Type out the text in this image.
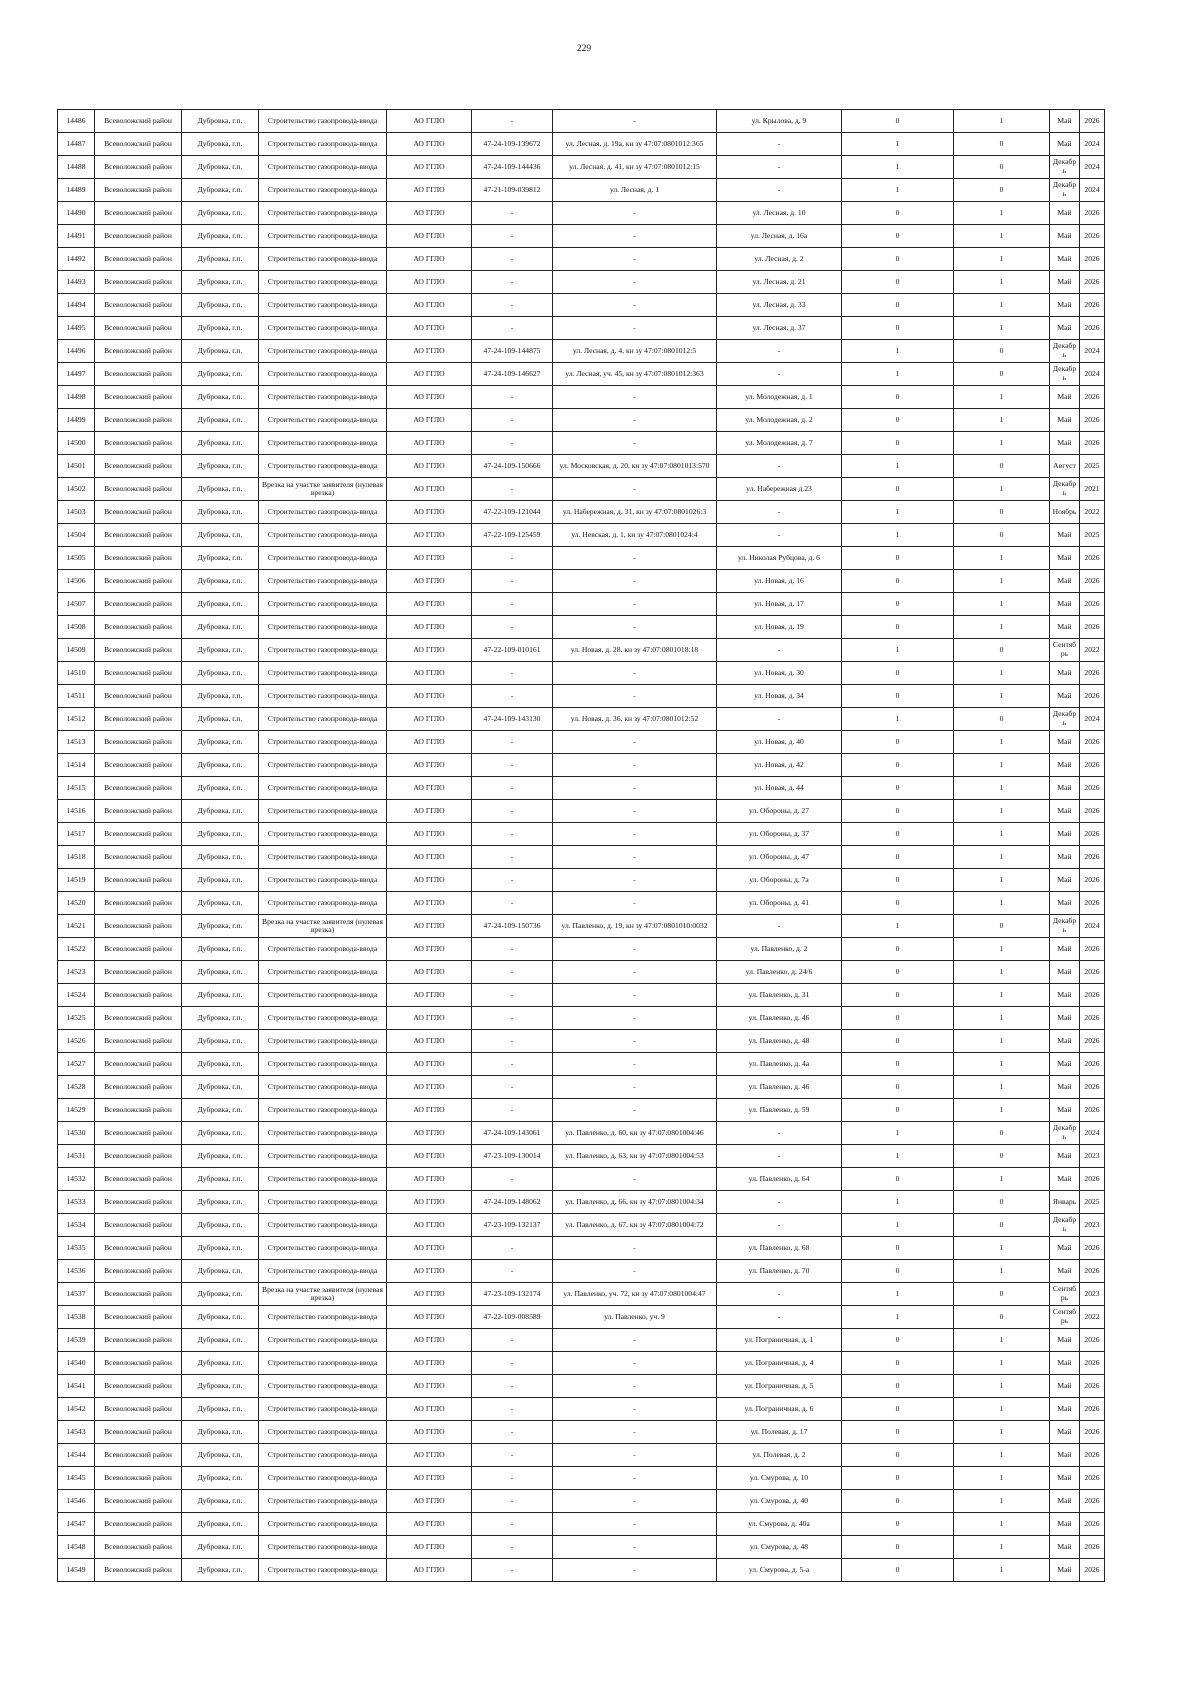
229
14486	Всеволожский район	Дубровка, г.п.	Строительство газопровода-ввода	АО ГГЛО	-	-	ул. Крылова, д. 9	0	1	Май	2026
14487	Всеволожский район	Дубровка, г.п.	Строительство газопровода-ввода	АО ГГЛО	47-24-109-139672	ул. Лесная, д. 19а, кн зу 47:07:0801012:365	-	1	0	Май	2024
14488	Всеволожский район	Дубровка, г.п.	Строительство газопровода-ввода	АО ГГЛО	47-24-109-144436	ул. Лесная, д. 41, кн зу 47:07:0801012:15	-	1	0	Декабрь	2024
14489	Всеволожский район	Дубровка, г.п.	Строительство газопровода-ввода	АО ГГЛО	47-21-109-039812	ул. Лесная, д. 1	-	1	0	Декабрь	2024
14490	Всеволожский район	Дубровка, г.п.	Строительство газопровода-ввода	АО ГГЛО	-	-	ул. Лесная, д. 10	0	1	Май	2026
14491	Всеволожский район	Дубровка, г.п.	Строительство газопровода-ввода	АО ГГЛО	-	-	ул. Лесная, д. 16а	0	1	Май	2026
14492	Всеволожский район	Дубровка, г.п.	Строительство газопровода-ввода	АО ГГЛО	-	-	ул. Лесная, д. 2	0	1	Май	2026
14493	Всеволожский район	Дубровка, г.п.	Строительство газопровода-ввода	АО ГГЛО	-	-	ул. Лесная, д. 21	0	1	Май	2026
14494	Всеволожский район	Дубровка, г.п.	Строительство газопровода-ввода	АО ГГЛО	-	-	ул. Лесная, д. 33	0	1	Май	2026
14495	Всеволожский район	Дубровка, г.п.	Строительство газопровода-ввода	АО ГГЛО	-	-	ул. Лесная, д. 37	0	1	Май	2026
14496	Всеволожский район	Дубровка, г.п.	Строительство газопровода-ввода	АО ГГЛО	47-24-109-144875	ул. Лесная, д. 4, кн зу 47:07:0801012:5	-	1	0	Декабрь	2024
14497	Всеволожский район	Дубровка, г.п.	Строительство газопровода-ввода	АО ГГЛО	47-24-109-146627	ул. Лесная, уч. 45, кн зу 47:07:0801012:363	-	1	0	Декабрь	2024
14498	Всеволожский район	Дубровка, г.п.	Строительство газопровода-ввода	АО ГГЛО	-	-	ул. Молодежная, д. 1	0	1	Май	2026
14499	Всеволожский район	Дубровка, г.п.	Строительство газопровода-ввода	АО ГГЛО	-	-	ул. Молодежная, д. 2	0	1	Май	2026
14500	Всеволожский район	Дубровка, г.п.	Строительство газопровода-ввода	АО ГГЛО	-	-	ул. Молодежная, д. 7	0	1	Май	2026
14501	Всеволожский район	Дубровка, г.п.	Строительство газопровода-ввода	АО ГГЛО	47-24-109-150666	ул. Московская, д. 20, кн зу 47:07:0801013:570	-	1	0	Август	2025
14502	Всеволожский район	Дубровка, г.п.	Врезка на участке заявителя (нулевая врезка)	АО ГГЛО	-	-	ул. Набережная д.23	0	1	Декабрь	2021
14503	Всеволожский район	Дубровка, г.п.	Строительство газопровода-ввода	АО ГГЛО	47-22-109-121044	ул. Набережная, д. 31, кн зу 47:07:0801026:3	-	1	0	Ноябрь	2022
14504	Всеволожский район	Дубровка, г.п.	Строительство газопровода-ввода	АО ГГЛО	47-22-109-125459	ул. Невская, д. 1, кн зу 47:07:0801024:4	-	1	0	Май	2025
14505	Всеволожский район	Дубровка, г.п.	Строительство газопровода-ввода	АО ГГЛО	-	-	ул. Николая Рубцова, д. 6	0	1	Май	2026
14506	Всеволожский район	Дубровка, г.п.	Строительство газопровода-ввода	АО ГГЛО	-	-	ул. Новая, д. 16	0	1	Май	2026
14507	Всеволожский район	Дубровка, г.п.	Строительство газопровода-ввода	АО ГГЛО	-	-	ул. Новая, д. 17	0	1	Май	2026
14508	Всеволожский район	Дубровка, г.п.	Строительство газопровода-ввода	АО ГГЛО	-	-	ул. Новая, д. 19	0	1	Май	2026
14509	Всеволожский район	Дубровка, г.п.	Строительство газопровода-ввода	АО ГГЛО	47-22-109-010161	ул. Новая, д. 28, кн зу 47:07:0801018:18	-	1	0	Сентябрь	2022
14510	Всеволожский район	Дубровка, г.п.	Строительство газопровода-ввода	АО ГГЛО	-	-	ул. Новая, д. 30	0	1	Май	2026
14511	Всеволожский район	Дубровка, г.п.	Строительство газопровода-ввода	АО ГГЛО	-	-	ул. Новая, д. 34	0	1	Май	2026
14512	Всеволожский район	Дубровка, г.п.	Строительство газопровода-ввода	АО ГГЛО	47-24-109-143130	ул. Новая, д. 36, кн зу 47:07:0801012:52	-	1	0	Декабрь	2024
14513	Всеволожский район	Дубровка, г.п.	Строительство газопровода-ввода	АО ГГЛО	-	-	ул. Новая, д. 40	0	1	Май	2026
14514	Всеволожский район	Дубровка, г.п.	Строительство газопровода-ввода	АО ГГЛО	-	-	ул. Новая, д. 42	0	1	Май	2026
14515	Всеволожский район	Дубровка, г.п.	Строительство газопровода-ввода	АО ГГЛО	-	-	ул. Новая, д. 44	0	1	Май	2026
14516	Всеволожский район	Дубровка, г.п.	Строительство газопровода-ввода	АО ГГЛО	-	-	ул. Обороны, д. 27	0	1	Май	2026
14517	Всеволожский район	Дубровка, г.п.	Строительство газопровода-ввода	АО ГГЛО	-	-	ул. Обороны, д. 37	0	1	Май	2026
14518	Всеволожский район	Дубровка, г.п.	Строительство газопровода-ввода	АО ГГЛО	-	-	ул. Обороны, д. 47	0	1	Май	2026
14519	Всеволожский район	Дубровка, г.п.	Строительство газопровода-ввода	АО ГГЛО	-	-	ул. Обороны, д. 7а	0	1	Май	2026
14520	Всеволожский район	Дубровка, г.п.	Строительство газопровода-ввода	АО ГГЛО	-	-	ул. Обороны, д. 41	0	1	Май	2026
14521	Всеволожский район	Дубровка, г.п.	Врезка на участке заявителя (нулевая врезка)	АО ГГЛО	47-24-109-150736	ул. Павленко, д. 19, кн зу 47:07:0801010:0032	-	1	0	Декабрь	2024
14522	Всеволожский район	Дубровка, г.п.	Строительство газопровода-ввода	АО ГГЛО	-	-	ул. Павленко, д. 2	0	1	Май	2026
14523	Всеволожский район	Дубровка, г.п.	Строительство газопровода-ввода	АО ГГЛО	-	-	ул. Павленко, д. 24/6	0	1	Май	2026
14524	Всеволожский район	Дубровка, г.п.	Строительство газопровода-ввода	АО ГГЛО	-	-	ул. Павленко, д. 31	0	1	Май	2026
14525	Всеволожский район	Дубровка, г.п.	Строительство газопровода-ввода	АО ГГЛО	-	-	ул. Павленко, д. 46	0	1	Май	2026
14526	Всеволожский район	Дубровка, г.п.	Строительство газопровода-ввода	АО ГГЛО	-	-	ул. Павленко, д. 48	0	1	Май	2026
14527	Всеволожский район	Дубровка, г.п.	Строительство газопровода-ввода	АО ГГЛО	-	-	ул. Павленко, д. 4а	0	1	Май	2026
14528	Всеволожский район	Дубровка, г.п.	Строительство газопровода-ввода	АО ГГЛО	-	-	ул. Павленко, д. 46	0	1	Май	2026
14529	Всеволожский район	Дубровка, г.п.	Строительство газопровода-ввода	АО ГГЛО	-	-	ул. Павленко, д. 59	0	1	Май	2026
14530	Всеволожский район	Дубровка, г.п.	Строительство газопровода-ввода	АО ГГЛО	47-24-109-143061	ул. Павленко, д. 60, кн зу 47:07:0801004:46	-	1	0	Декабрь	2024
14531	Всеволожский район	Дубровка, г.п.	Строительство газопровода-ввода	АО ГГЛО	47-23-109-130014	ул. Павленко, д. 63, кн зу 47:07:0801004:53	-	1	0	Май	2023
14532	Всеволожский район	Дубровка, г.п.	Строительство газопровода-ввода	АО ГГЛО	-	-	ул. Павленко, д. 64	0	1	Май	2026
14533	Всеволожский район	Дубровка, г.п.	Строительство газопровода-ввода	АО ГГЛО	47-24-109-148062	ул. Павленко, д. 66, кн зу 47:07:0801004:34	-	1	0	Январь	2025
14534	Всеволожский район	Дубровка, г.п.	Строительство газопровода-ввода	АО ГГЛО	47-23-109-132137	ул. Павленко, д. 67, кн зу 47:07:0801004:72	-	1	0	Декабрь	2023
14535	Всеволожский район	Дубровка, г.п.	Строительство газопровода-ввода	АО ГГЛО	-	-	ул. Павленко, д. 68	0	1	Май	2026
14536	Всеволожский район	Дубровка, г.п.	Строительство газопровода-ввода	АО ГГЛО	-	-	ул. Павленко, д. 70	0	1	Май	2026
14537	Всеволожский район	Дубровка, г.п.	Врезка на участке заявителя (нулевая врезка)	АО ГГЛО	47-23-109-132174	ул. Павленко, уч. 72, кн зу 47:07:0801004:47	-	1	0	Сентябрь	2023
14538	Всеволожский район	Дубровка, г.п.	Строительство газопровода-ввода	АО ГГЛО	47-22-109-008589	ул. Павленко, уч. 9	-	1	0	Сентябрь	2022
14539	Всеволожский район	Дубровка, г.п.	Строительство газопровода-ввода	АО ГГЛО	-	-	ул. Пограничная, д. 1	0	1	Май	2026
14540	Всеволожский район	Дубровка, г.п.	Строительство газопровода-ввода	АО ГГЛО	-	-	ул. Пограничная, д. 4	0	1	Май	2026
14541	Всеволожский район	Дубровка, г.п.	Строительство газопровода-ввода	АО ГГЛО	-	-	ул. Пограничная, д. 5	0	1	Май	2026
14542	Всеволожский район	Дубровка, г.п.	Строительство газопровода-ввода	АО ГГЛО	-	-	ул. Пограничная, д. 6	0	1	Май	2026
14543	Всеволожский район	Дубровка, г.п.	Строительство газопровода-ввода	АО ГГЛО	-	-	ул. Полевая, д. 17	0	1	Май	2026
14544	Всеволожский район	Дубровка, г.п.	Строительство газопровода-ввода	АО ГГЛО	-	-	ул. Полевая, д. 2	0	1	Май	2026
14545	Всеволожский район	Дубровка, г.п.	Строительство газопровода-ввода	АО ГГЛО	-	-	ул. Смурова, д. 10	0	1	Май	2026
14546	Всеволожский район	Дубровка, г.п.	Строительство газопровода-ввода	АО ГГЛО	-	-	ул. Смурова, д. 40	0	1	Май	2026
14547	Всеволожский район	Дубровка, г.п.	Строительство газопровода-ввода	АО ГГЛО	-	-	ул. Смурова, д. 40а	0	1	Май	2026
14548	Всеволожский район	Дубровка, г.п.	Строительство газопровода-ввода	АО ГГЛО	-	-	ул. Смурова, д. 48	0	1	Май	2026
14549	Всеволожский район	Дубровка, г.п.	Строительство газопровода-ввода	АО ГГЛО	-	-	ул. Смурова, д. 5-а	0	1	Май	2026
